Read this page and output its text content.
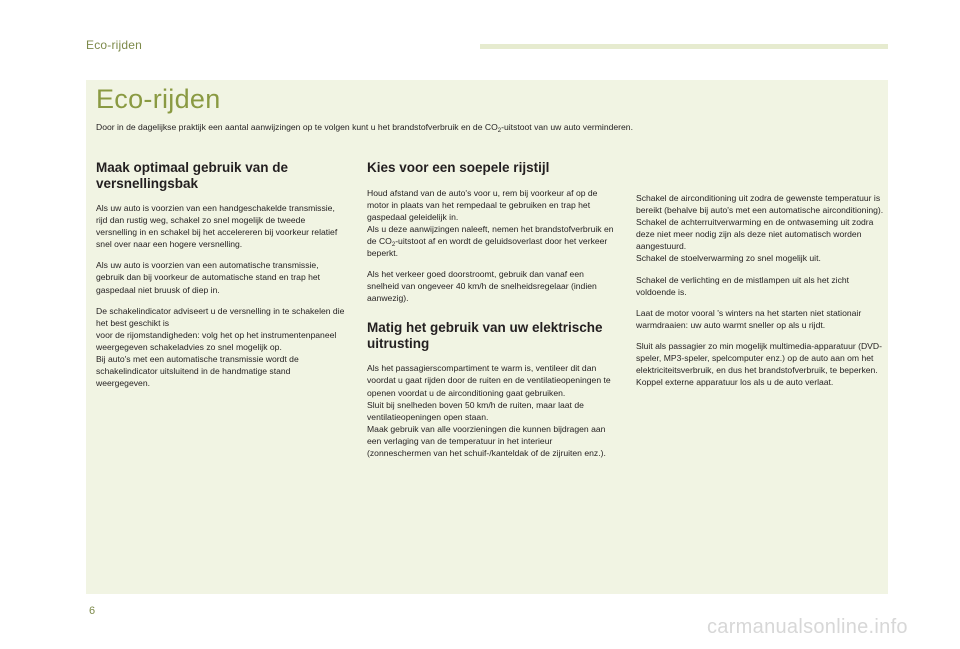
Eco-rijden
Eco-rijden

Door in de dagelijkse praktijk een aantal aanwijzingen op te volgen kunt u het brandstofverbruik en de $CO_2$-uitstoot van uw auto verminderen.

Maak optimaal gebruik van de versnellingsbak

Als uw auto is voorzien van een handgeschakelde transmissie, rijd dan rustig weg, schakel zo snel mogelijk de tweede versnelling in en schakel bij het accelereren bij voorkeur relatief snel over naar een hogere versnelling.

Als uw auto is voorzien van een automatische transmissie, gebruik dan bij voorkeur de automatische stand en trap het gaspedaal niet bruusk of diep in.

De schakelindicator adviseert u de versnelling in te schakelen die het best geschikt is
voor de rijomstandigheden: volg het op het instrumentenpaneel weergegeven schakeladvies zo snel mogelijk op.
Bij auto's met een automatische transmissie wordt de schakelindicator uitsluitend in de handmatige stand weergegeven.

Kies voor een soepele rijstijl

Houd afstand van de auto's voor u, rem bij voorkeur af op de motor in plaats van het rempedaal te gebruiken en trap het gaspedaal geleidelijk in.
Als u deze aanwijzingen naleeft, nemen het brandstofverbruik en de $CO_2$-uitstoot af en wordt de geluidsoverlast door het verkeer beperkt.

Als het verkeer goed doorstroomt, gebruik dan vanaf een snelheid van ongeveer 40 km/h de snelheidsregelaar (indien aanwezig).

Matig het gebruik van uw elektrische uitrusting

Als het passagierscompartiment te warm is, ventileer dit dan voordat u gaat rijden door de ruiten en de ventilatieopeningen te openen voordat u de airconditioning gaat gebruiken.
Sluit bij snelheden boven 50 km/h de ruiten, maar laat de ventilatieopeningen open staan.
Maak gebruik van alle voorzieningen die kunnen bijdragen aan een verlaging van de temperatuur in het interieur (zonneschermen van het schuif-/kanteldak of de zijruiten enz.).

Schakel de airconditioning uit zodra de gewenste temperatuur is bereikt (behalve bij auto's met een automatische airconditioning).
Schakel de achterruitverwarming en de ontwaseming uit zodra deze niet meer nodig zijn als deze niet automatisch worden aangestuurd.
Schakel de stoelverwarming zo snel mogelijk uit.

Schakel de verlichting en de mistlampen uit als het zicht voldoende is.

Laat de motor vooral 's winters na het starten niet stationair warmdraaien: uw auto warmt sneller op als u rijdt.

Sluit als passagier zo min mogelijk multimedia-apparatuur (DVD-speler, MP3-speler, spelcomputer enz.) op de auto aan om het elektriciteitsverbruik, en dus het brandstofverbruik, te beperken.
Koppel externe apparatuur los als u de auto verlaat.

6
carmanualsonline.info
